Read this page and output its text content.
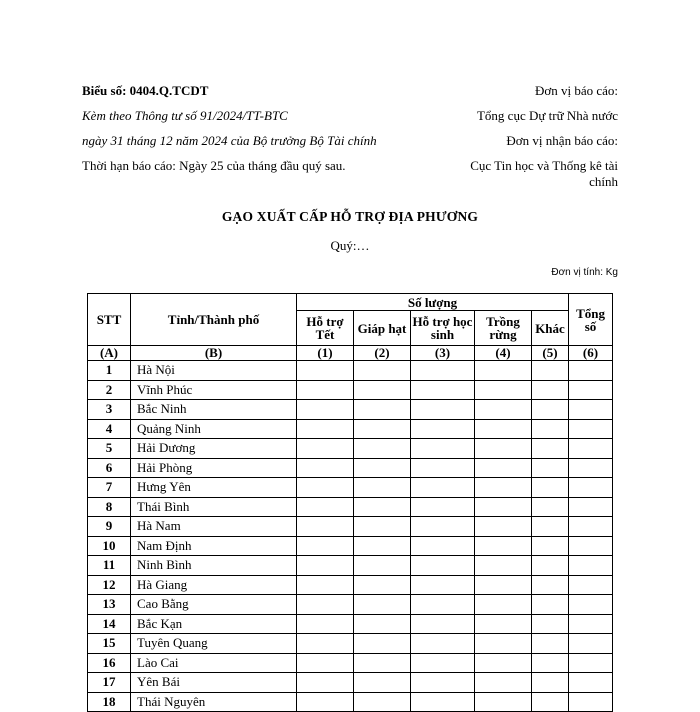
Biểu số: 0404.Q.TCDT
Kèm theo Thông tư số 91/2024/TT-BTC
ngày 31 tháng 12 năm 2024 của Bộ trưởng Bộ Tài chính
Thời hạn báo cáo: Ngày 25 của tháng đầu quý sau.
Đơn vị báo cáo:
Tổng cục Dự trữ Nhà nước
Đơn vị nhận báo cáo:
Cục Tin học và Thống kê tài
chính
GẠO XUẤT CẤP HỖ TRỢ ĐỊA PHƯƠNG
Quý:…
Đơn vị tính: Kg
STT	Tỉnh/Thành phố	Số lượng					Tổng số
		Hỗ trợ Tết	Giáp hạt	Hỗ trợ học sinh	Trồng rừng	Khác	
(A)	(B)	(1)	(2)	(3)	(4)	(5)	(6)
1	Hà Nội						
2	Vĩnh Phúc						
3	Bắc Ninh						
4	Quảng Ninh						
5	Hải Dương						
6	Hải Phòng						
7	Hưng Yên						
8	Thái Bình						
9	Hà Nam						
10	Nam Định						
11	Ninh Bình						
12	Hà Giang						
13	Cao Bằng						
14	Bắc Kạn						
15	Tuyên Quang						
16	Lào Cai						
17	Yên Bái						
18	Thái Nguyên						
